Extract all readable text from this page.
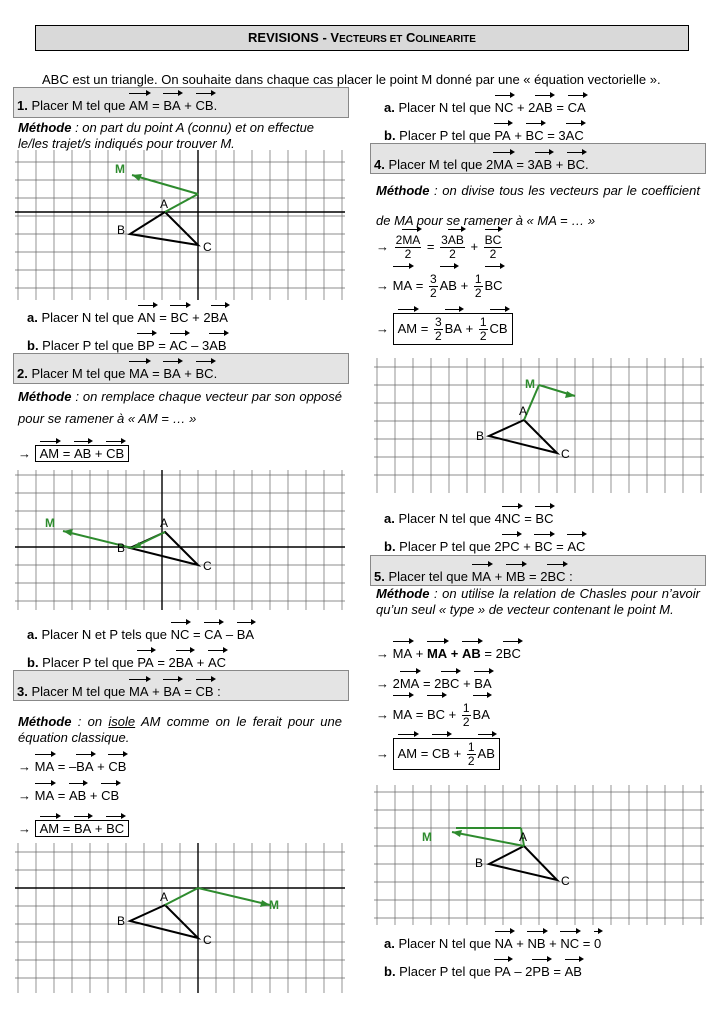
REVISIONS - VECTEURS ET COLINEARITE
ABC est un triangle. On souhaite dans chaque cas placer le point M donné par une « équation vectorielle ».
1. Placer M tel que AM = BA + CB.
Méthode : on part du point A (connu) et on effectue le/les trajet/s indiqués pour trouver M.
A
B
C
M
a. Placer N tel que AN = BC + 2BA
b. Placer P tel que BP = AC – 3AB
2. Placer M tel que MA = BA + BC.
Méthode : on remplace chaque vecteur par son opposé pour se ramener à « AM = … »
→ AM = AB + CB
A
B
C
M
a. Placer N et P tels que NC = CA – BA
b. Placer P tel que PA = 2BA + AC
3. Placer M tel que MA + BA = CB :
Méthode : on isole AM comme on le ferait pour une équation classique.
→ MA = –BA + CB
→ MA = AB + CB
→ AM = BA + BC
A
B
C
M
a. Placer N tel que NC + 2AB = CA
b. Placer P tel que PA + BC = 3AC
4. Placer M tel que 2MA = 3AB + BC.
Méthode : on divise tous les vecteurs par le coefficient de MA pour se ramener à « MA = … »
→ $\frac{2MA}{2} = \frac{3AB}{2} + \frac{BC}{2}$
→ MA = $\frac{3}{2}$ AB + $\frac{1}{2}$ BC
→ AM = $\frac{3}{2}$ BA + $\frac{1}{2}$ CB
A
B
C
M
a. Placer N tel que 4NC = BC
b. Placer P tel que 2PC + BC = AC
5. Placer tel que MA + MB = 2BC :
Méthode : on utilise la relation de Chasles pour n’avoir qu’un seul « type » de vecteur contenant le point M.
→ MA + MA + AB = 2BC
→ 2MA = 2BC + BA
→ MA = BC + $\frac{1}{2}$ BA
→ AM = CB + $\frac{1}{2}$ AB
A
B
C
M
a. Placer N tel que NA + NB + NC = 0
b. Placer P tel que PA – 2PB = AB
